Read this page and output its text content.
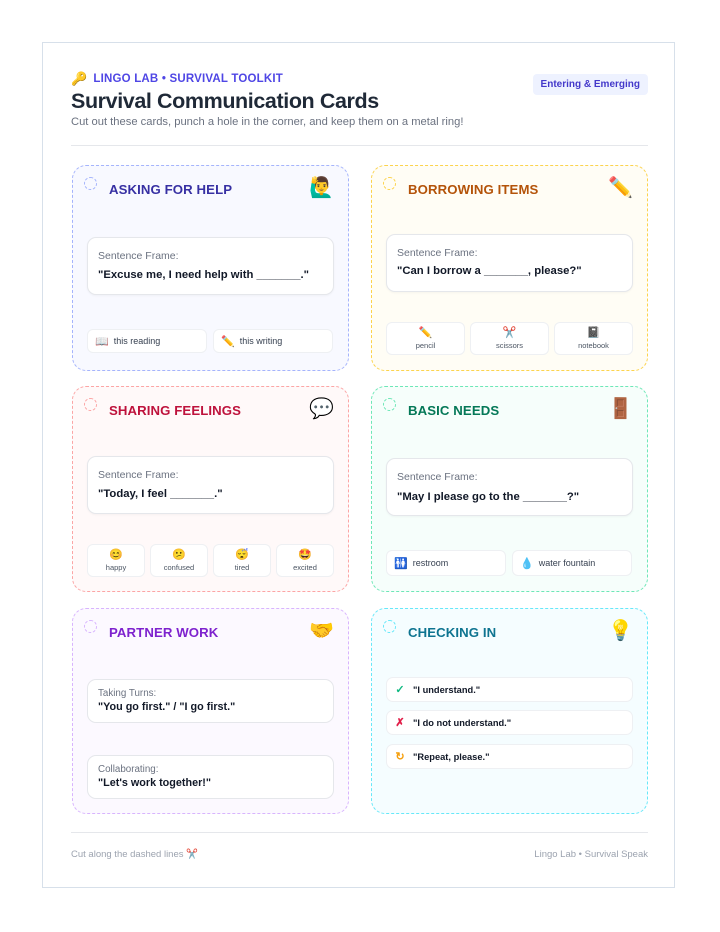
🔑 LINGO LAB • SURVIVAL TOOLKIT
Survival Communication Cards
Cut out these cards, punch a hole in the corner, and keep them on a metal ring!
Entering & Emerging
ASKING FOR HELP	🙋‍♂️
Sentence Frame:
"Excuse me, I need help with _______."
📖 this reading	✏️ this writing
BORROWING ITEMS	✏️
Sentence Frame:
"Can I borrow a _______, please?"
✏️
pencil
✂️
scissors
📓
notebook
SHARING FEELINGS	💬
Sentence Frame:
"Today, I feel _______."
😊
happy
😕
confused
😴
tired
🤩
excited
BASIC NEEDS	🚪
Sentence Frame:
"May I please go to the _______?"
🚻 restroom	💧 water fountain
PARTNER WORK	🤝
Taking Turns:
"You go first." / "I go first."
Collaborating:
"Let's work together!"
CHECKING IN	💡
✓ "I understand."
✗ "I do not understand."
↻ "Repeat, please."
Cut along the dashed lines ✂️	Lingo Lab • Survival Speak
